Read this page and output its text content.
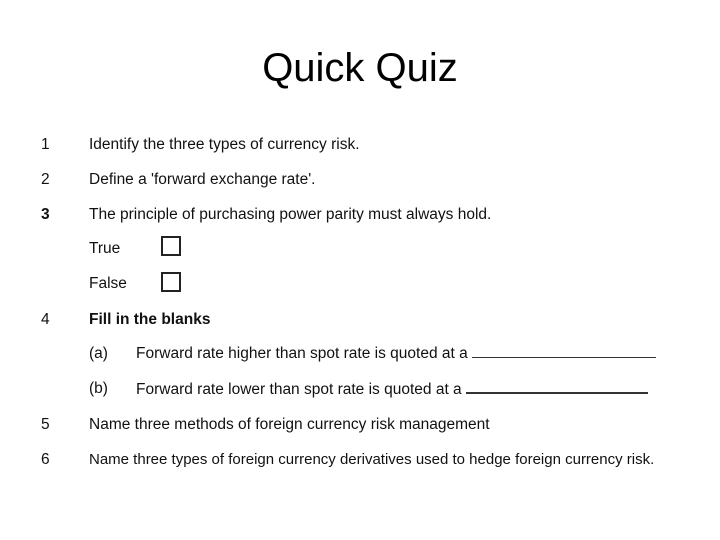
Quick Quiz
1	Identify the three types of currency risk.
2	Define a 'forward exchange rate'.
3	The principle of purchasing power parity must always hold.
True
False
4	Fill in the blanks
(a) Forward rate higher than spot rate is quoted at a
(b) Forward rate lower than spot rate is quoted at a
5	Name three methods of foreign currency risk management
6	Name three types of foreign currency derivatives used to hedge foreign currency risk.
